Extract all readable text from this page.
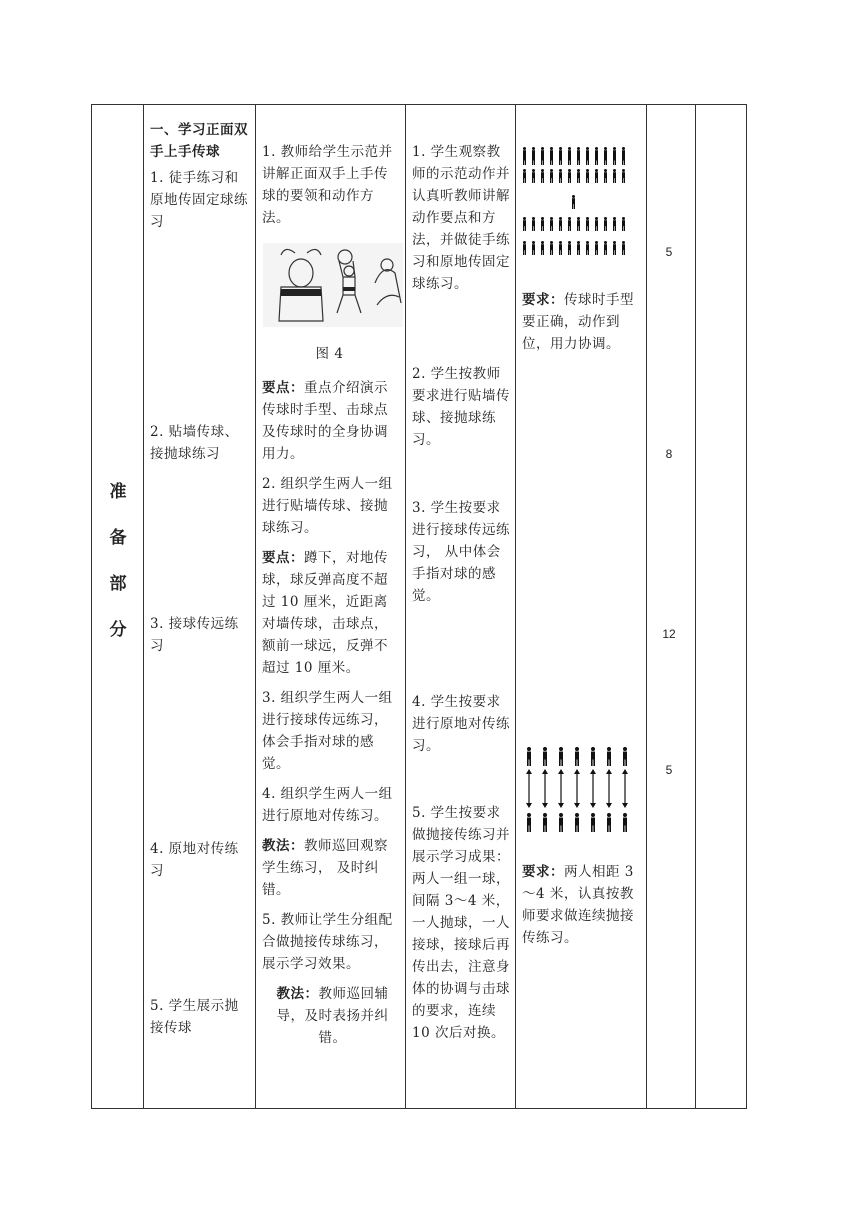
准
备
部
分

一、学习正面双手上手传球

1. 徒手练习和原地传固定球练习

2. 贴墙传球、接抛球练习
3. 接球传远练习
4. 原地对传练习
5. 学生展示抛接传球

1. 教师给学生示范并讲解正面双手上手传球的要领和动作方法。

图 4

要点：重点介绍演示传球时手型、击球点及传球时的全身协调用力。

2. 组织学生两人一组进行贴墙传球、接抛球练习。

要点：蹲下，对地传球，球反弹高度不超过 10 厘米，近距离对墙传球，击球点，额前一球远，反弹不超过 10 厘米。

3. 组织学生两人一组进行接球传远练习，体会手指对球的感觉。

4. 组织学生两人一组进行原地对传练习。

教法：教师巡回观察学生练习， 及时纠错。

5. 教师让学生分组配合做抛接传球练习，展示学习效果。

教法：教师巡回辅导，及时表扬并纠错。

1. 学生观察教师的示范动作并认真听教师讲解动作要点和方法，并做徒手练习和原地传固定球练习。

2. 学生按教师要求进行贴墙传球、接抛球练习。
3. 学生按要求进行接球传远练习， 从中体会手指对球的感觉。
4. 学生按要求进行原地对传练习。
5. 学生按要求做抛接传练习并展示学习成果：两人一组一球，间隔 3～4 米， 一人抛球，一人接球，接球后再传出去，注意身体的协调与击球的要求，连续 10 次后对换。

要求：传球时手型要正确，动作到位，用力协调。

要求：两人相距 3～4 米，认真按教师要求做连续抛接传练习。

5
8
12
5
